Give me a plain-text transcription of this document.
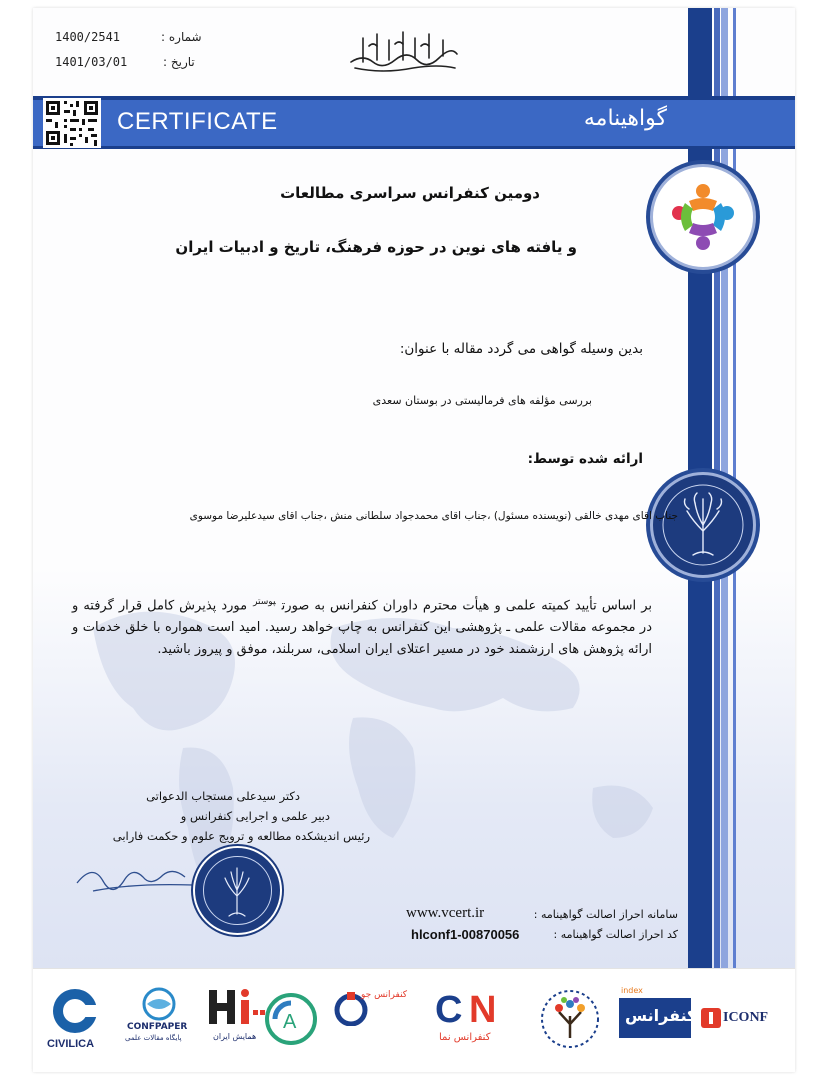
1400/2541	شماره :
1401/03/01	تاریخ :
CERTIFICATE	گواهینامه
دومین کنفرانس سراسری مطالعات
و یافته های نوین در حوزه فرهنگ، تاریخ و ادبیات ایران
بدین وسیله گواهی می گردد مقاله با عنوان:
بررسی مؤلفه های فرمالیستی در بوستان سعدی
ارائه شده توسط:
جناب اقای مهدی خالقی (نویسنده مسئول) ،جناب اقای محمدجواد سلطانی منش ،جناب اقای سیدعلیرضا موسوی
بر اساس تأیید کمیته علمی و هیأت محترم داوران کنفرانس به صورت$^{پوستر}$مورد پذیرش کامل قرار گرفته و در مجموعه مقالات علمی ـ پژوهشی این کنفرانس به چاپ خواهد رسید. امید است همواره با خلق خدمات و ارائه پژوهش های ارزشمند خود در مسیر اعتلای ایران اسلامی، سربلند، موفق و پیروز باشید.
دکتر سیدعلی مستجاب الدعواتی
دبیر علمی و اجرایی کنفرانس و
رئیس اندیشکده مطالعه و ترویج علوم و حکمت فارابی
www.vcert.ir	سامانه احراز اصالت گواهینامه :
hlconf1-00870056	کد احراز اصالت گواهینامه :
CIVILICA
CONFPAPER
پایگاه مقالات علمی	همایش ایران
A
کنفرانس جو C N
کنفرانس نما
index
کنفرانس ICONF
